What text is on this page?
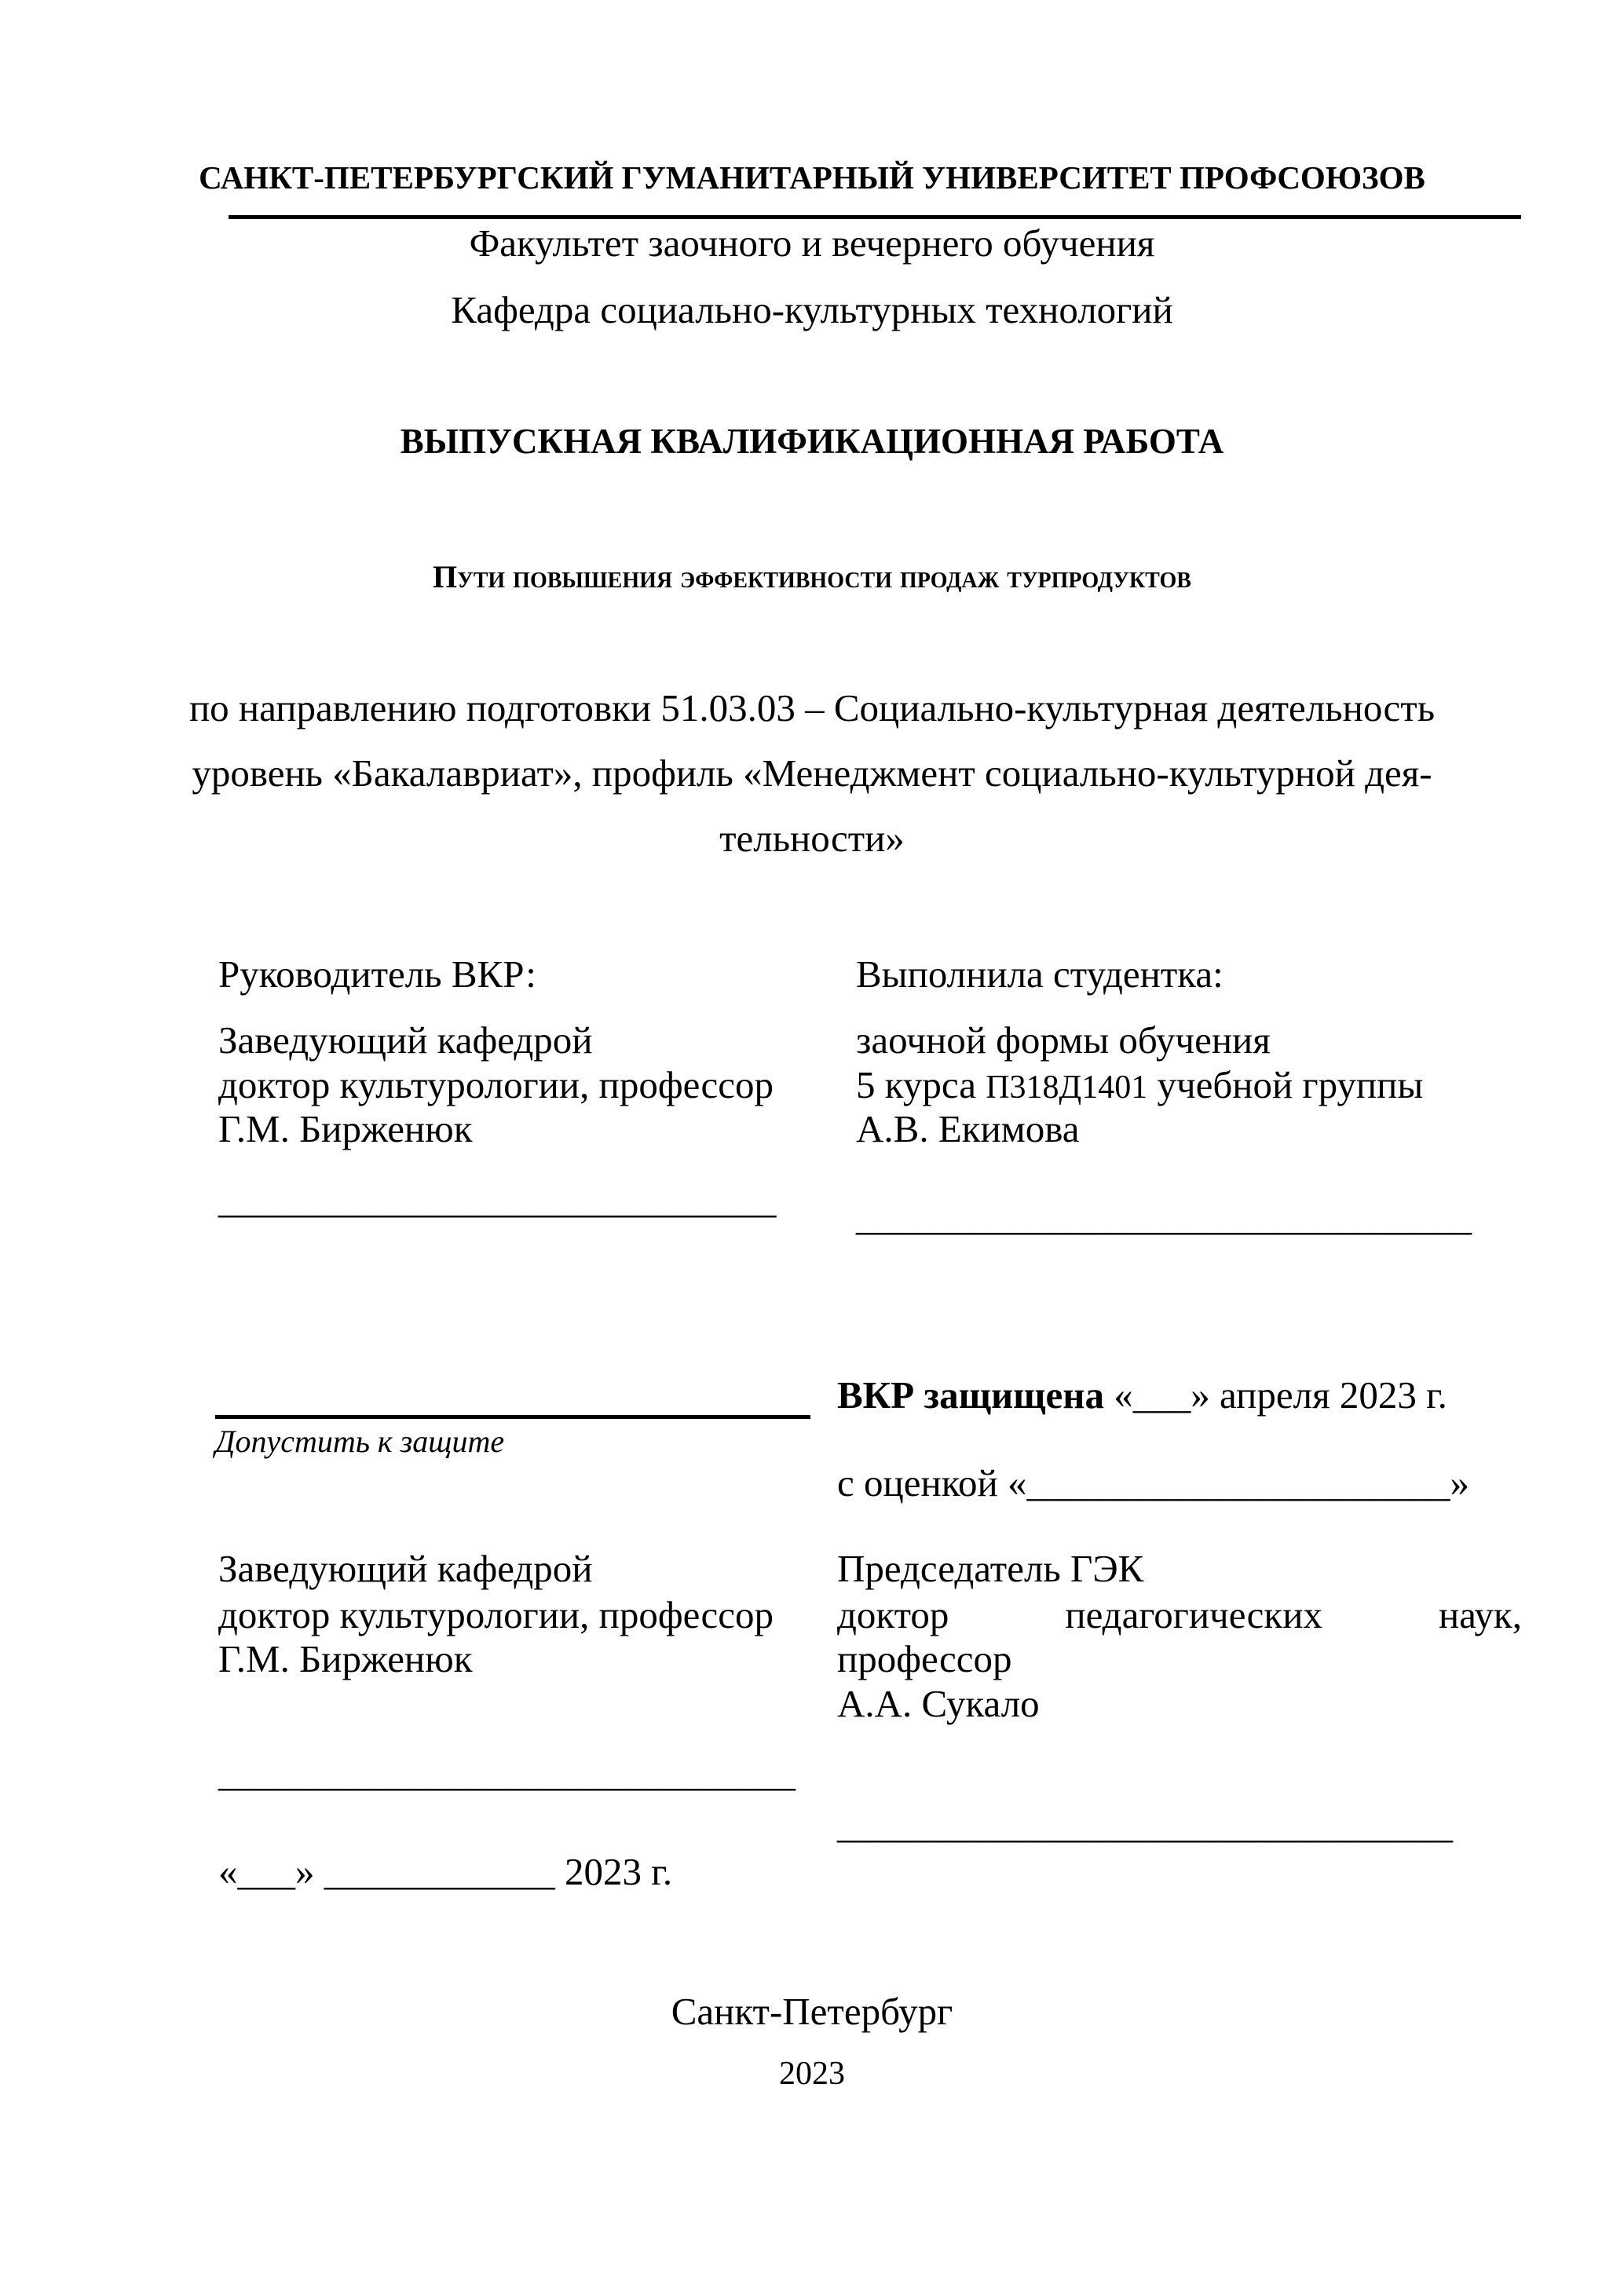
САНКТ-ПЕТЕРБУРГСКИЙ ГУМАНИТАРНЫЙ УНИВЕРСИТЕТ ПРОФСОЮЗОВ
Факультет заочного и вечернего обучения
Кафедра социально-культурных технологий
ВЫПУСКНАЯ КВАЛИФИКАЦИОННАЯ РАБОТА
Пути повышения эффективности продаж турпродуктов
по направлению подготовки 51.03.03 – Социально-культурная деятельность
уровень «Бакалавриат», профиль «Менеджмент социально-культурной дея-
тельности»
Руководитель ВКР:
Заведующий кафедрой
доктор культурологии, профессор
Г.М. Бирженюк
_____________________________
Выполнила студентка:
заочной формы обучения
5 курса П318Д1401 учебной группы
А.В. Екимова
________________________________
Допустить к защите
Заведующий кафедрой
доктор культурологии, профессор
Г.М. Бирженюк
______________________________
«___» ____________ 2023 г.
ВКР защищена «___» апреля 2023 г.
с оценкой «______________________»
Председатель ГЭК
доктор	педагогических	наук,
профессор
А.А. Сукало
________________________________
Санкт-Петербург
2023
